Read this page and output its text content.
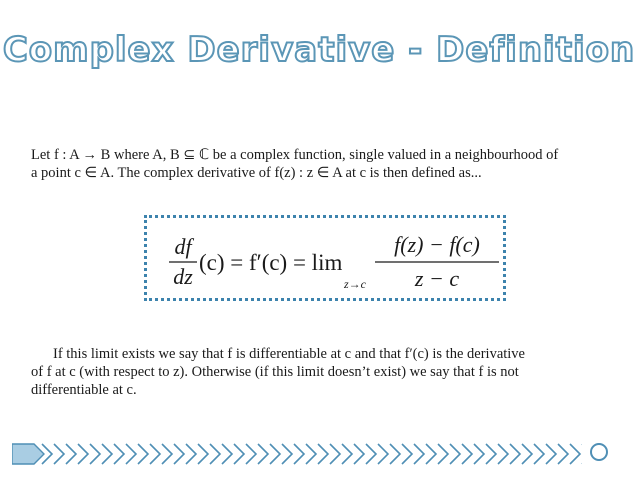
Complex Derivative - Definition
Let f : A → B where A, B ⊆ ℂ be a complex function, single valued in a neighbourhood of
a point c ∈ A. The complex derivative of f(z) : z ∈ A at c is then defined as...
df
dz
(c) = f′(c) = lim
z→c
f(z) − f(c)
z − c
If this limit exists we say that f is differentiable at c and that f′(c) is the derivative
of f at c (with respect to z). Otherwise (if this limit doesn’t exist) we say that f is not
differentiable at c.
